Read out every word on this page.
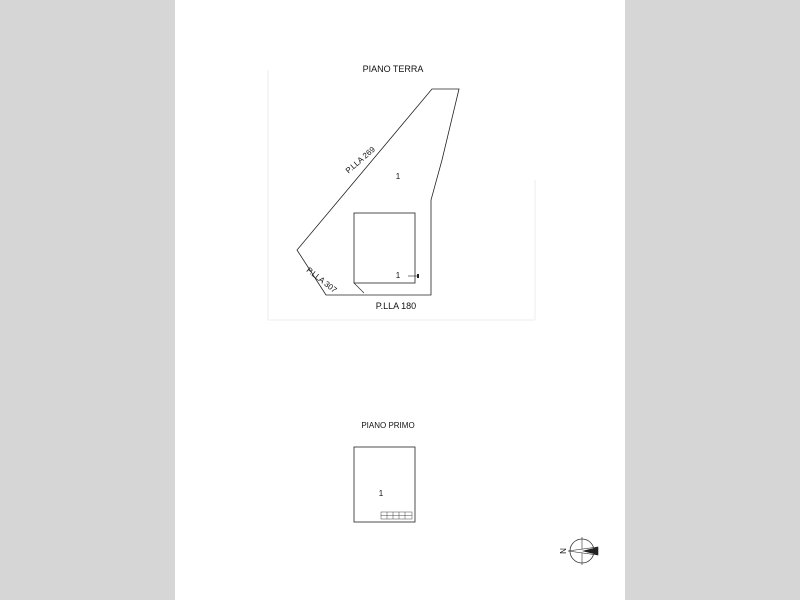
PIANO TERRA
1
1
P.LLA 269
P.LLA 307
P.LLA 180
PIANO PRIMO
1
N
